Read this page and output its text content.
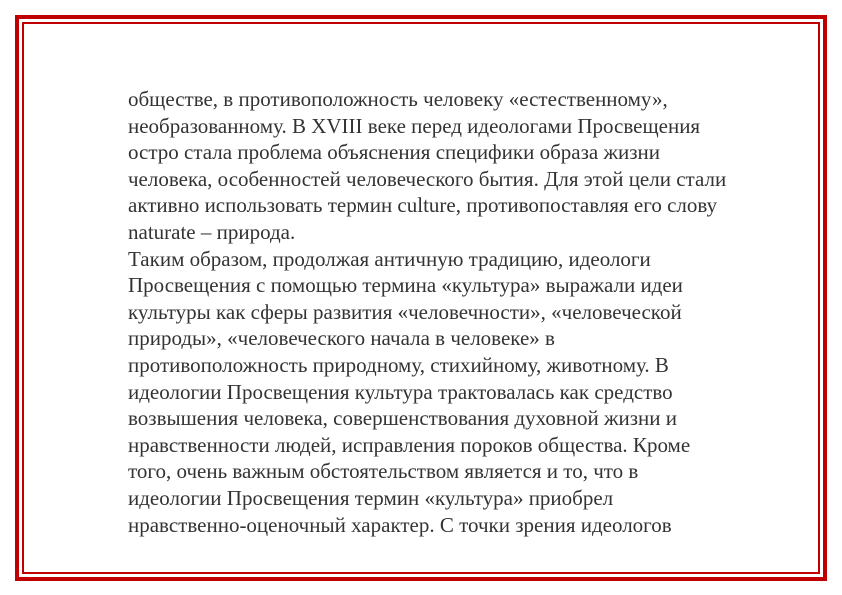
обществе, в противоположность человеку «естественному»,
необразованному. В XVIII веке перед идеологами Просвещения
остро стала проблема объяснения специфики образа жизни
человека, особенностей человеческого бытия. Для этой цели стали
активно использовать термин culture, противопоставляя его слову
naturate – природа.
Таким образом, продолжая античную традицию, идеологи
Просвещения с помощью термина «культура» выражали идеи
культуры как сферы развития «человечности», «человеческой
природы», «человеческого начала в человеке» в
противоположность природному, стихийному, животному. В
идеологии Просвещения культура трактовалась как средство
возвышения человека, совершенствования духовной жизни и
нравственности людей, исправления пороков общества. Кроме
того, очень важным обстоятельством является и то, что в
идеологии Просвещения термин «культура» приобрел
нравственно-оценочный характер. С точки зрения идеологов
